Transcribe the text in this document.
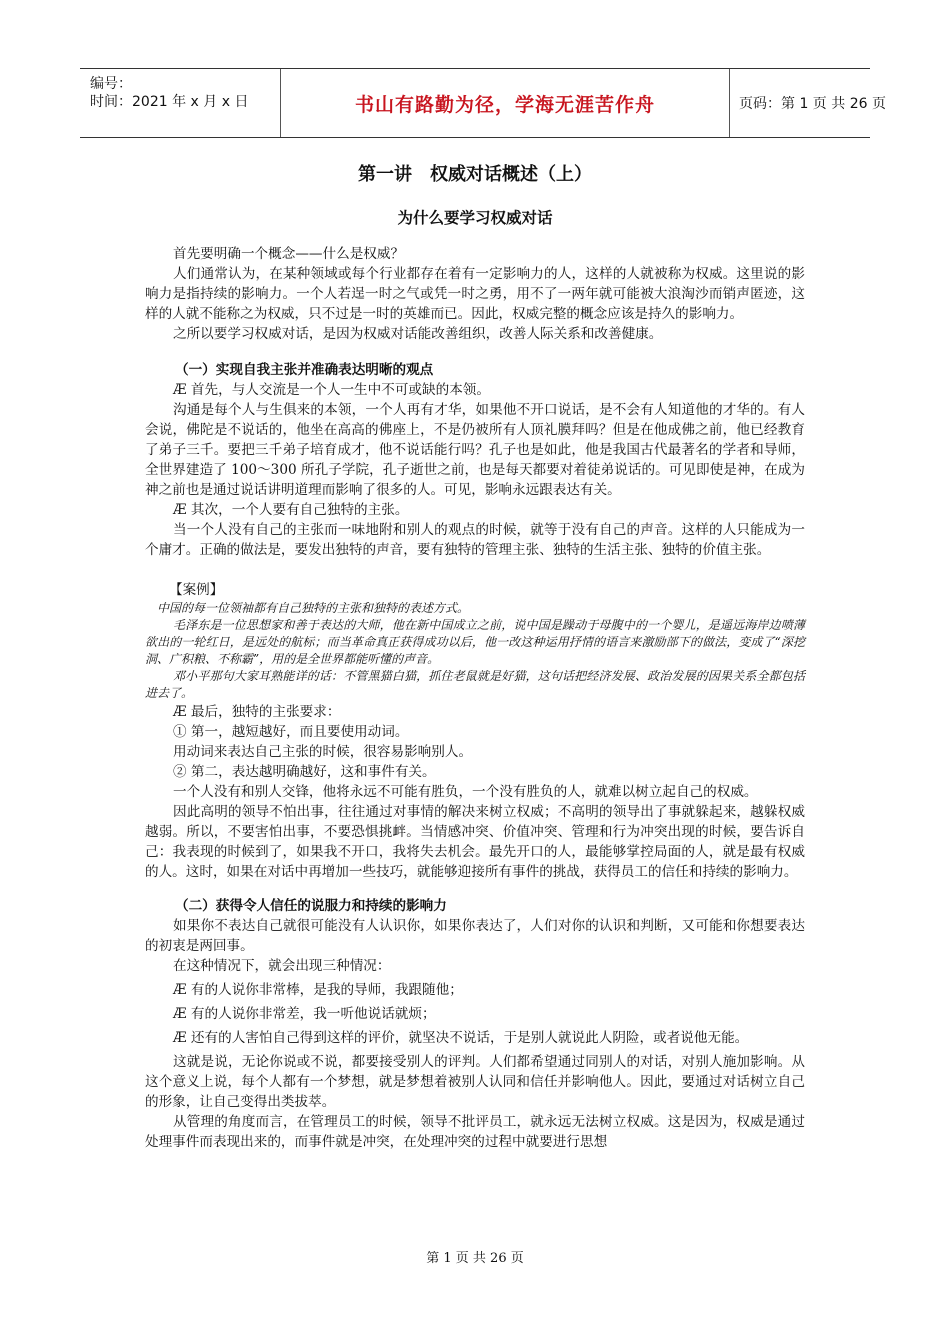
编号：
时间：2021 年 x 月 x 日	书山有路勤为径，学海无涯苦作舟	页码：第 1 页 共 26 页
第一讲　权威对话概述（上）
为什么要学习权威对话

首先要明确一个概念——什么是权威？

人们通常认为，在某种领域或每个行业都存在着有一定影响力的人，这样的人就被称为权威。这里说的影响力是指持续的影响力。一个人若逞一时之气或凭一时之勇，用不了一两年就可能被大浪淘沙而销声匿迹，这样的人就不能称之为权威，只不过是一时的英雄而已。因此，权威完整的概念应该是持久的影响力。

之所以要学习权威对话，是因为权威对话能改善组织，改善人际关系和改善健康。

（一）实现自我主张并准确表达明晰的观点

Æ 首先，与人交流是一个人一生中不可或缺的本领。

沟通是每个人与生俱来的本领，一个人再有才华，如果他不开口说话，是不会有人知道他的才华的。有人会说，佛陀是不说话的，他坐在高高的佛座上，不是仍被所有人顶礼膜拜吗？但是在他成佛之前，他已经教育了弟子三千。要把三千弟子培育成才，他不说话能行吗？孔子也是如此，他是我国古代最著名的学者和导师，全世界建造了 100～300 所孔子学院，孔子逝世之前，也是每天都要对着徒弟说话的。可见即使是神，在成为神之前也是通过说话讲明道理而影响了很多的人。可见，影响永远跟表达有关。

Æ 其次，一个人要有自己独特的主张。

当一个人没有自己的主张而一味地附和别人的观点的时候，就等于没有自己的声音。这样的人只能成为一个庸才。正确的做法是，要发出独特的声音，要有独特的管理主张、独特的生活主张、独特的价值主张。

【案例】

中国的每一位领袖都有自己独特的主张和独特的表述方式。

毛泽东是一位思想家和善于表达的大师，他在新中国成立之前，说中国是躁动于母腹中的一个婴儿，是遥远海岸边喷薄欲出的一轮红日，是远处的航标；而当革命真正获得成功以后，他一改这种运用抒情的语言来激励部下的做法，变成了“深挖洞、广积粮、不称霸”，用的是全世界都能听懂的声音。

邓小平那句大家耳熟能详的话：不管黑猫白猫，抓住老鼠就是好猫，这句话把经济发展、政治发展的因果关系全都包括进去了。

Æ 最后，独特的主张要求：

① 第一，越短越好，而且要使用动词。

用动词来表达自己主张的时候，很容易影响别人。

② 第二，表达越明确越好，这和事件有关。

一个人没有和别人交锋，他将永远不可能有胜负，一个没有胜负的人，就难以树立起自己的权威。

因此高明的领导不怕出事，往往通过对事情的解决来树立权威；不高明的领导出了事就躲起来，越躲权威越弱。所以，不要害怕出事，不要恐惧挑衅。当情感冲突、价值冲突、管理和行为冲突出现的时候，要告诉自己：我表现的时候到了，如果我不开口，我将失去机会。最先开口的人，最能够掌控局面的人，就是最有权威的人。这时，如果在对话中再增加一些技巧，就能够迎接所有事件的挑战，获得员工的信任和持续的影响力。

（二）获得令人信任的说服力和持续的影响力

如果你不表达自己就很可能没有人认识你，如果你表达了，人们对你的认识和判断，又可能和你想要表达的初衷是两回事。

在这种情况下，就会出现三种情况：

Æ 有的人说你非常棒，是我的导师，我跟随他；

Æ 有的人说你非常差，我一听他说话就烦；

Æ 还有的人害怕自己得到这样的评价，就坚决不说话，于是别人就说此人阴险，或者说他无能。

这就是说，无论你说或不说，都要接受别人的评判。人们都希望通过同别人的对话，对别人施加影响。从这个意义上说，每个人都有一个梦想，就是梦想着被别人认同和信任并影响他人。因此，要通过对话树立自己的形象，让自己变得出类拔萃。

从管理的角度而言，在管理员工的时候，领导不批评员工，就永远无法树立权威。这是因为，权威是通过处理事件而表现出来的，而事件就是冲突，在处理冲突的过程中就要进行思想

第 1 页 共 26 页
